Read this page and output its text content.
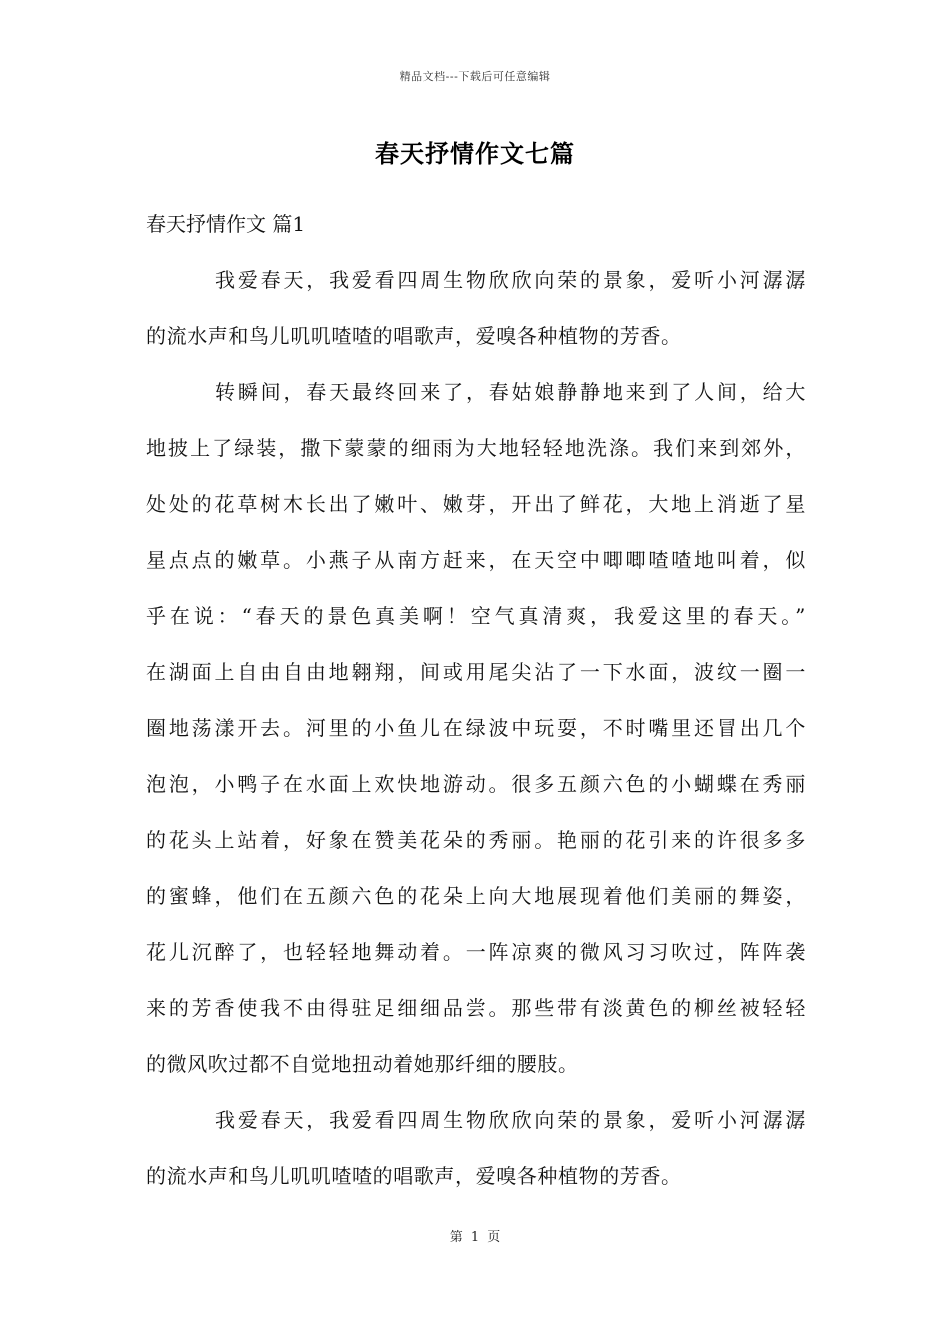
精品文档---下载后可任意编辑
春天抒情作文七篇
春天抒情作文 篇1
我爱春天，我爱看四周生物欣欣向荣的景象，爱听小河潺潺
的流水声和鸟儿叽叽喳喳的唱歌声，爱嗅各种植物的芳香。
转瞬间，春天最终回来了，春姑娘静静地来到了人间，给大
地披上了绿装，撒下蒙蒙的细雨为大地轻轻地洗涤。我们来到郊外，
处处的花草树木长出了嫩叶、嫩芽，开出了鲜花，大地上消逝了星
星点点的嫩草。小燕子从南方赶来，在天空中唧唧喳喳地叫着，似
乎在说：“春天的景色真美啊！空气真清爽，我爱这里的春天。”
在湖面上自由自由地翱翔，间或用尾尖沾了一下水面，波纹一圈一
圈地荡漾开去。河里的小鱼儿在绿波中玩耍，不时嘴里还冒出几个
泡泡，小鸭子在水面上欢快地游动。很多五颜六色的小蝴蝶在秀丽
的花头上站着，好象在赞美花朵的秀丽。艳丽的花引来的许很多多
的蜜蜂，他们在五颜六色的花朵上向大地展现着他们美丽的舞姿，
花儿沉醉了，也轻轻地舞动着。一阵凉爽的微风习习吹过，阵阵袭
来的芳香使我不由得驻足细细品尝。那些带有淡黄色的柳丝被轻轻
的微风吹过都不自觉地扭动着她那纤细的腰肢。
我爱春天，我爱看四周生物欣欣向荣的景象，爱听小河潺潺
的流水声和鸟儿叽叽喳喳的唱歌声，爱嗅各种植物的芳香。
第 1 页
